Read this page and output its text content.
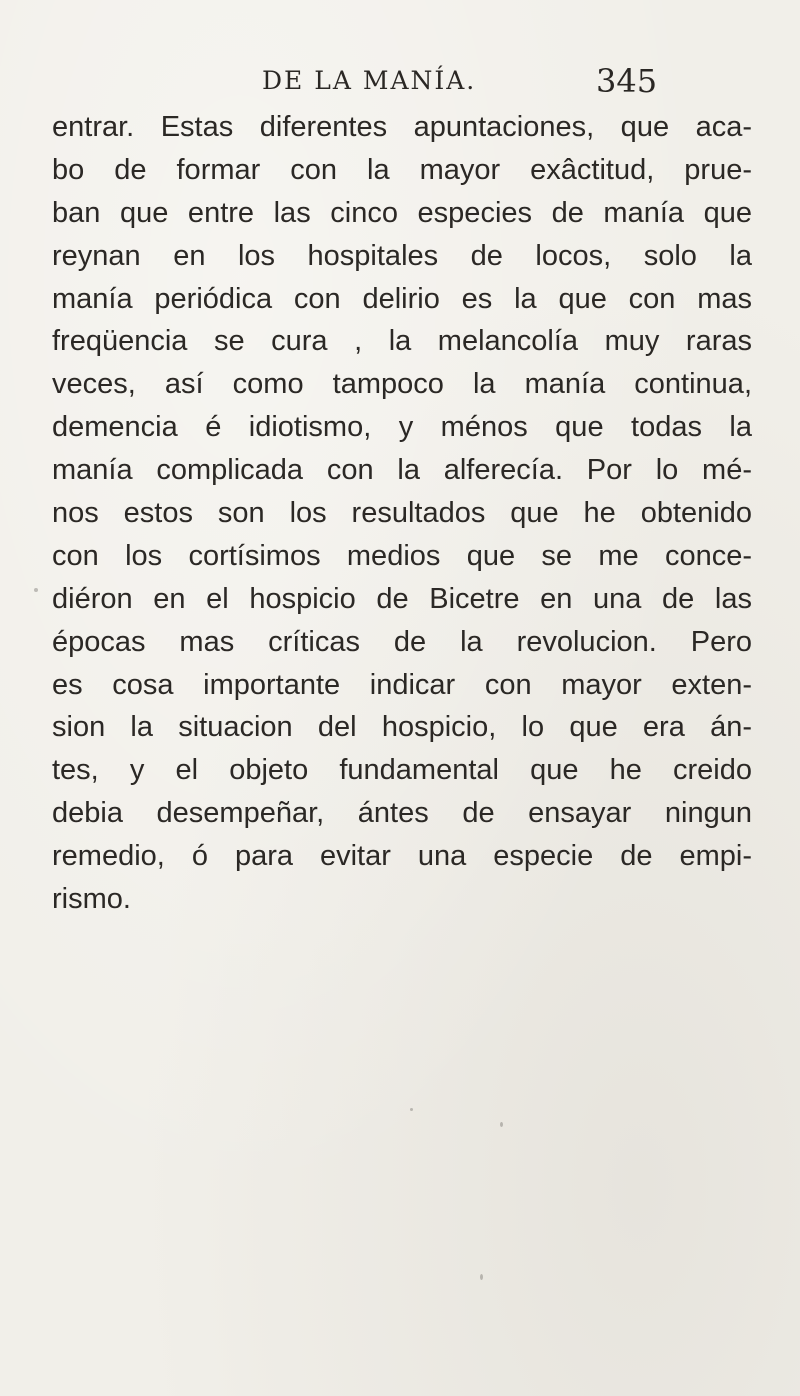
DE LA MANÍA.	345
entrar. Estas diferentes apuntaciones, que aca-
bo de formar con la mayor exâctitud, prue-
ban que entre las cinco especies de manía que
reynan en los hospitales de locos, solo la
manía periódica con delirio es la que con mas
freqüencia se cura , la melancolía muy raras
veces, así como tampoco la manía continua,
demencia é idiotismo, y ménos que todas la
manía complicada con la alferecía. Por lo mé-
nos estos son los resultados que he obtenido
con los cortísimos medios que se me conce-
diéron en el hospicio de Bicetre en una de las
épocas mas críticas de la revolucion. Pero
es cosa importante indicar con mayor exten-
sion la situacion del hospicio, lo que era án-
tes, y el objeto fundamental que he creido
debia desempeñar, ántes de ensayar ningun
remedio, ó para evitar una especie de empi-
rismo.
